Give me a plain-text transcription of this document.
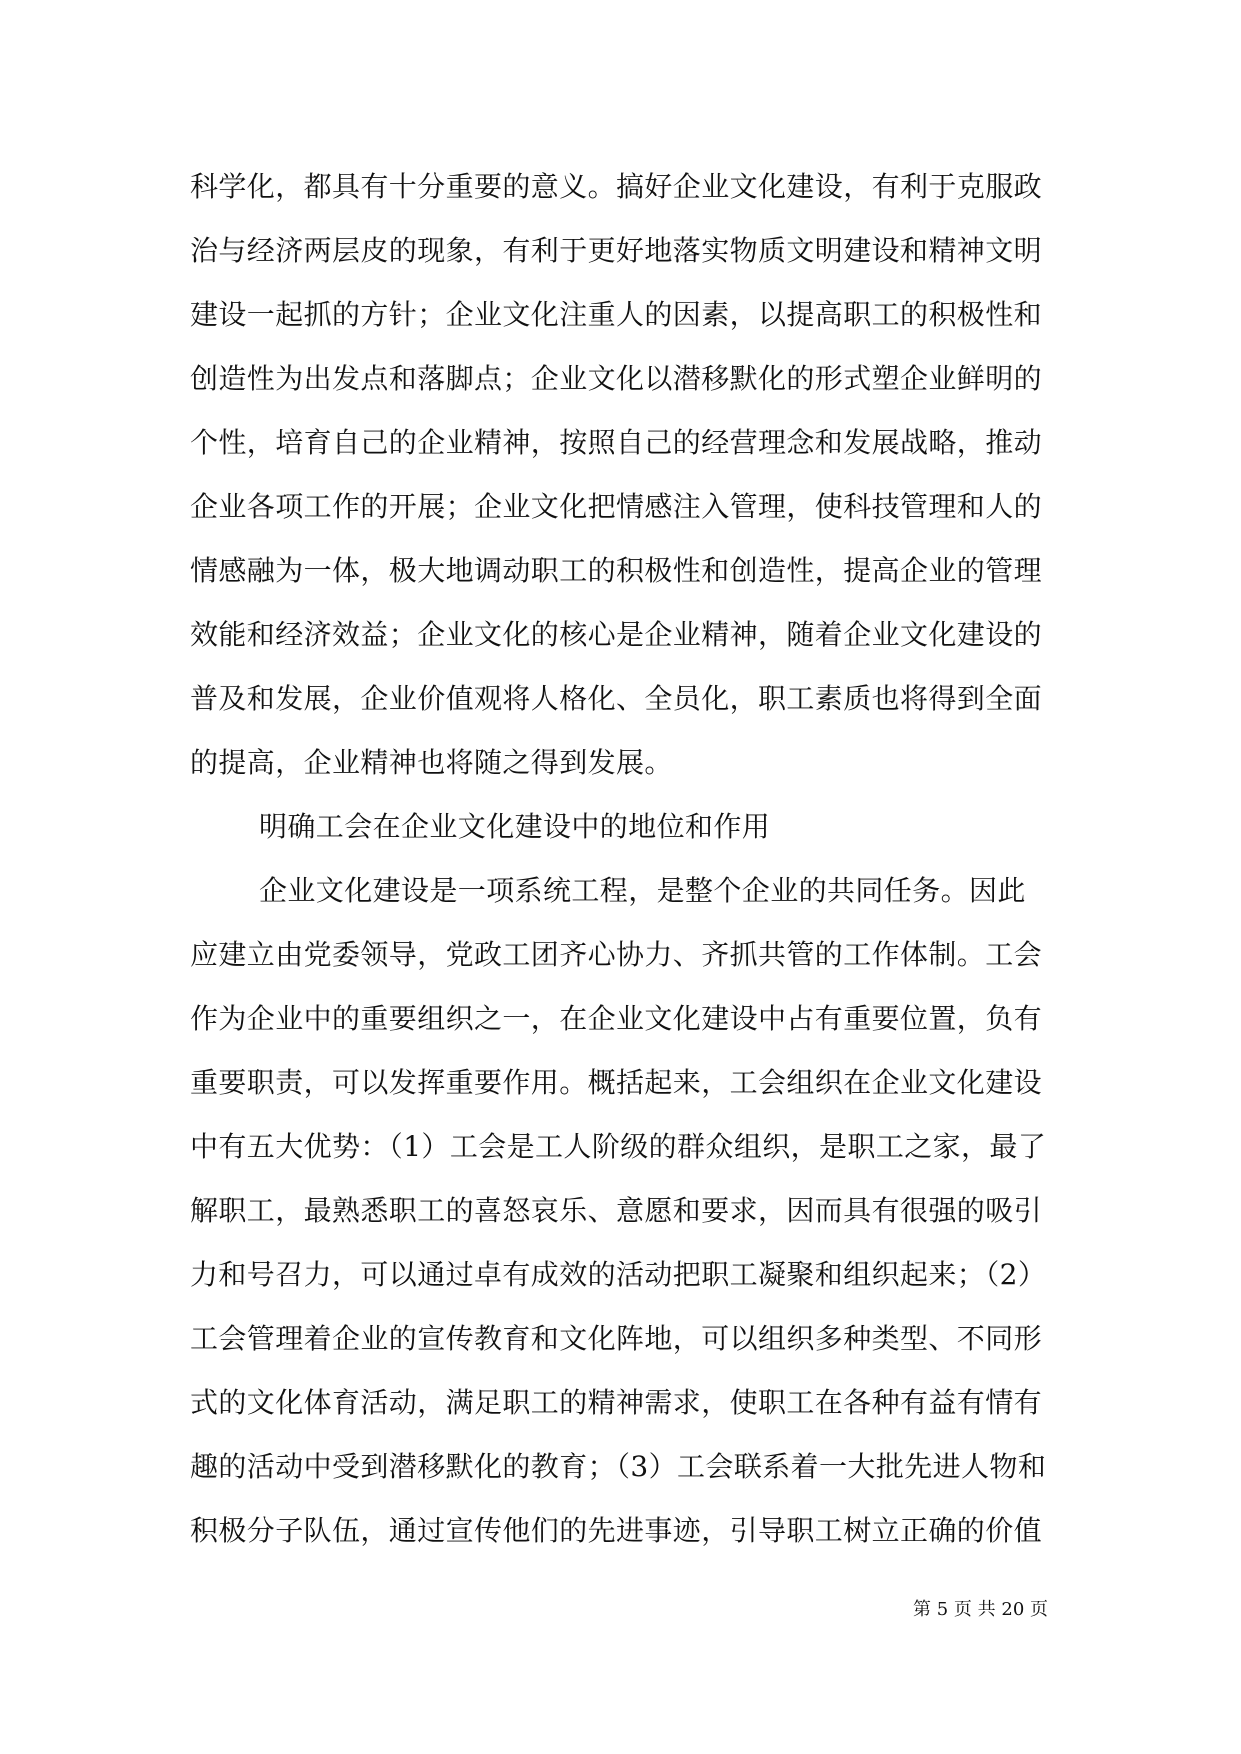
科学化，都具有十分重要的意义。搞好企业文化建设，有利于克服政
治与经济两层皮的现象，有利于更好地落实物质文明建设和精神文明
建设一起抓的方针；企业文化注重人的因素，以提高职工的积极性和
创造性为出发点和落脚点；企业文化以潜移默化的形式塑企业鲜明的
个性，培育自己的企业精神，按照自己的经营理念和发展战略，推动
企业各项工作的开展；企业文化把情感注入管理，使科技管理和人的
情感融为一体，极大地调动职工的积极性和创造性，提高企业的管理
效能和经济效益；企业文化的核心是企业精神，随着企业文化建设的
普及和发展，企业价值观将人格化、全员化，职工素质也将得到全面
的提高，企业精神也将随之得到发展。
明确工会在企业文化建设中的地位和作用
企业文化建设是一项系统工程，是整个企业的共同任务。因此
应建立由党委领导，党政工团齐心协力、齐抓共管的工作体制。工会
作为企业中的重要组织之一，在企业文化建设中占有重要位置，负有
重要职责，可以发挥重要作用。概括起来，工会组织在企业文化建设
中有五大优势：（1）工会是工人阶级的群众组织，是职工之家，最了
解职工，最熟悉职工的喜怒哀乐、意愿和要求，因而具有很强的吸引
力和号召力，可以通过卓有成效的活动把职工凝聚和组织起来；（2）
工会管理着企业的宣传教育和文化阵地，可以组织多种类型、不同形
式的文化体育活动，满足职工的精神需求，使职工在各种有益有情有
趣的活动中受到潜移默化的教育；（3）工会联系着一大批先进人物和
积极分子队伍，通过宣传他们的先进事迹，引导职工树立正确的价值
第 5 页 共 20 页
